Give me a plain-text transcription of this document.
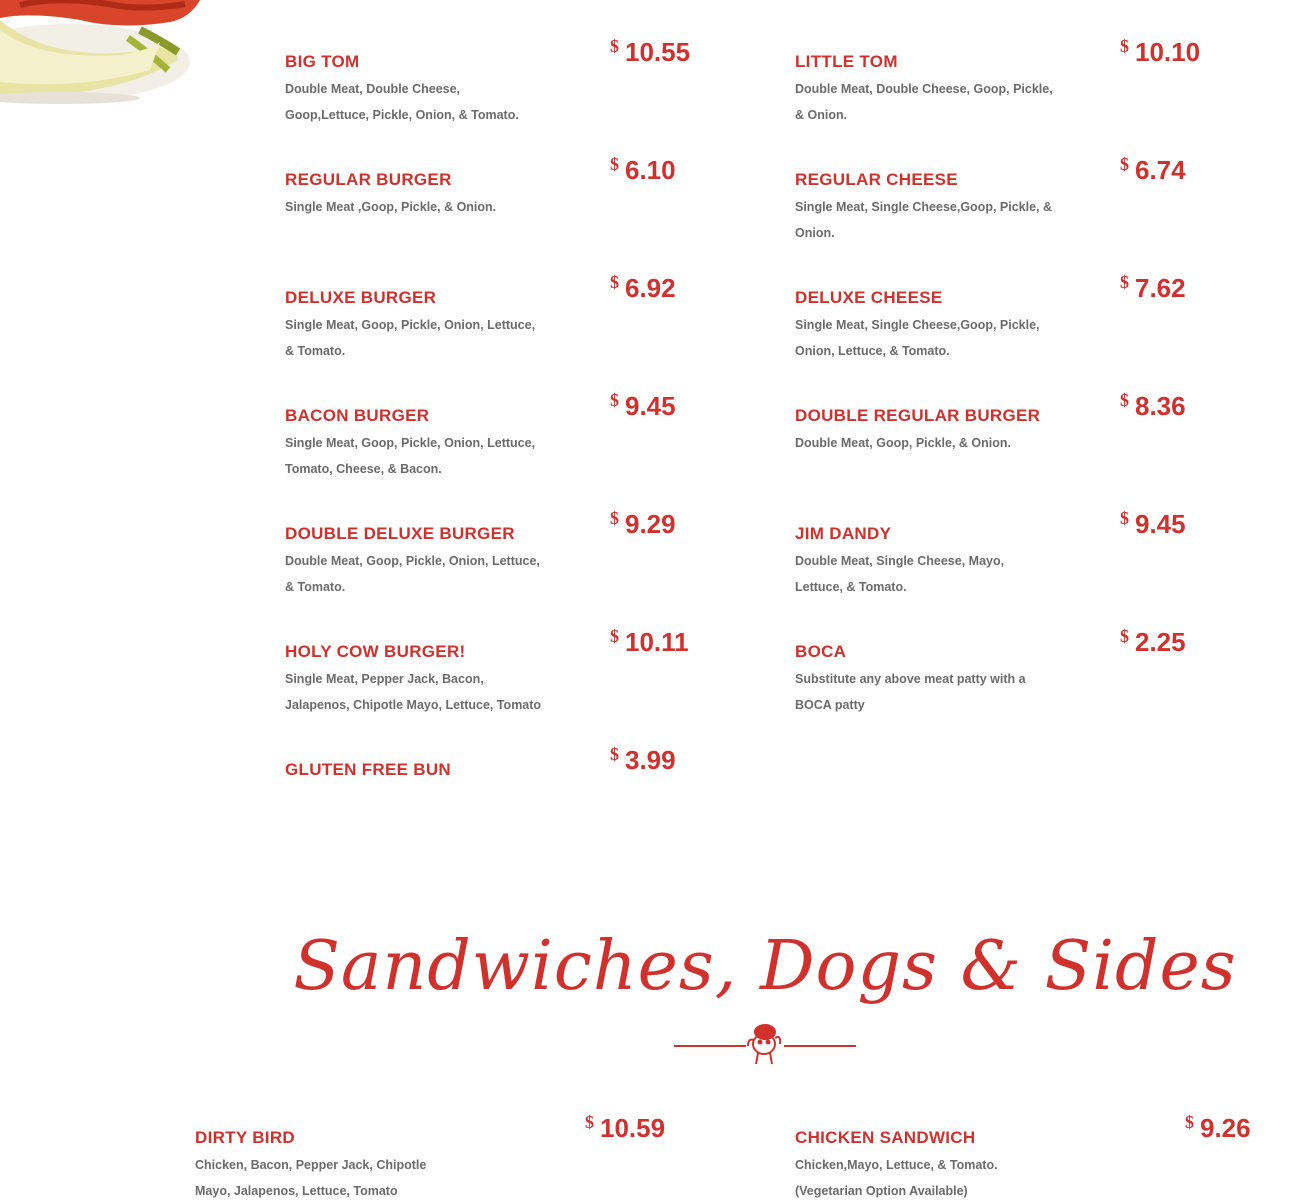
BIG TOM
Double Meat, Double Cheese, Goop,Lettuce, Pickle, Onion, & Tomato.
$ 10.55	LITTLE TOM
Double Meat, Double Cheese, Goop, Pickle, & Onion.
$ 10.10
REGULAR BURGER
Single Meat ,Goop, Pickle, & Onion.
$ 6.10	REGULAR CHEESE
Single Meat, Single Cheese,Goop, Pickle, & Onion.
$ 6.74
DELUXE BURGER
Single Meat, Goop, Pickle, Onion, Lettuce, & Tomato.
$ 6.92	DELUXE CHEESE
Single Meat, Single Cheese,Goop, Pickle, Onion, Lettuce, & Tomato.
$ 7.62
BACON BURGER
Single Meat, Goop, Pickle, Onion, Lettuce, Tomato, Cheese, & Bacon.
$ 9.45	DOUBLE REGULAR BURGER
Double Meat, Goop, Pickle, & Onion.
$ 8.36
DOUBLE DELUXE BURGER
Double Meat, Goop, Pickle, Onion, Lettuce, & Tomato.
$ 9.29	JIM DANDY
Double Meat, Single Cheese, Mayo, Lettuce, & Tomato.
$ 9.45
HOLY COW BURGER!
Single Meat, Pepper Jack, Bacon, Jalapenos, Chipotle Mayo, Lettuce, Tomato
$ 10.11	BOCA
Substitute any above meat patty with a BOCA patty
$ 2.25
GLUTEN FREE BUN
$ 3.99
Sandwiches, Dogs & Sides
DIRTY BIRD
Chicken, Bacon, Pepper Jack, Chipotle Mayo, Jalapenos, Lettuce, Tomato
$ 10.59	CHICKEN SANDWICH
Chicken,Mayo, Lettuce, & Tomato. (Vegetarian Option Available)
$ 9.26
